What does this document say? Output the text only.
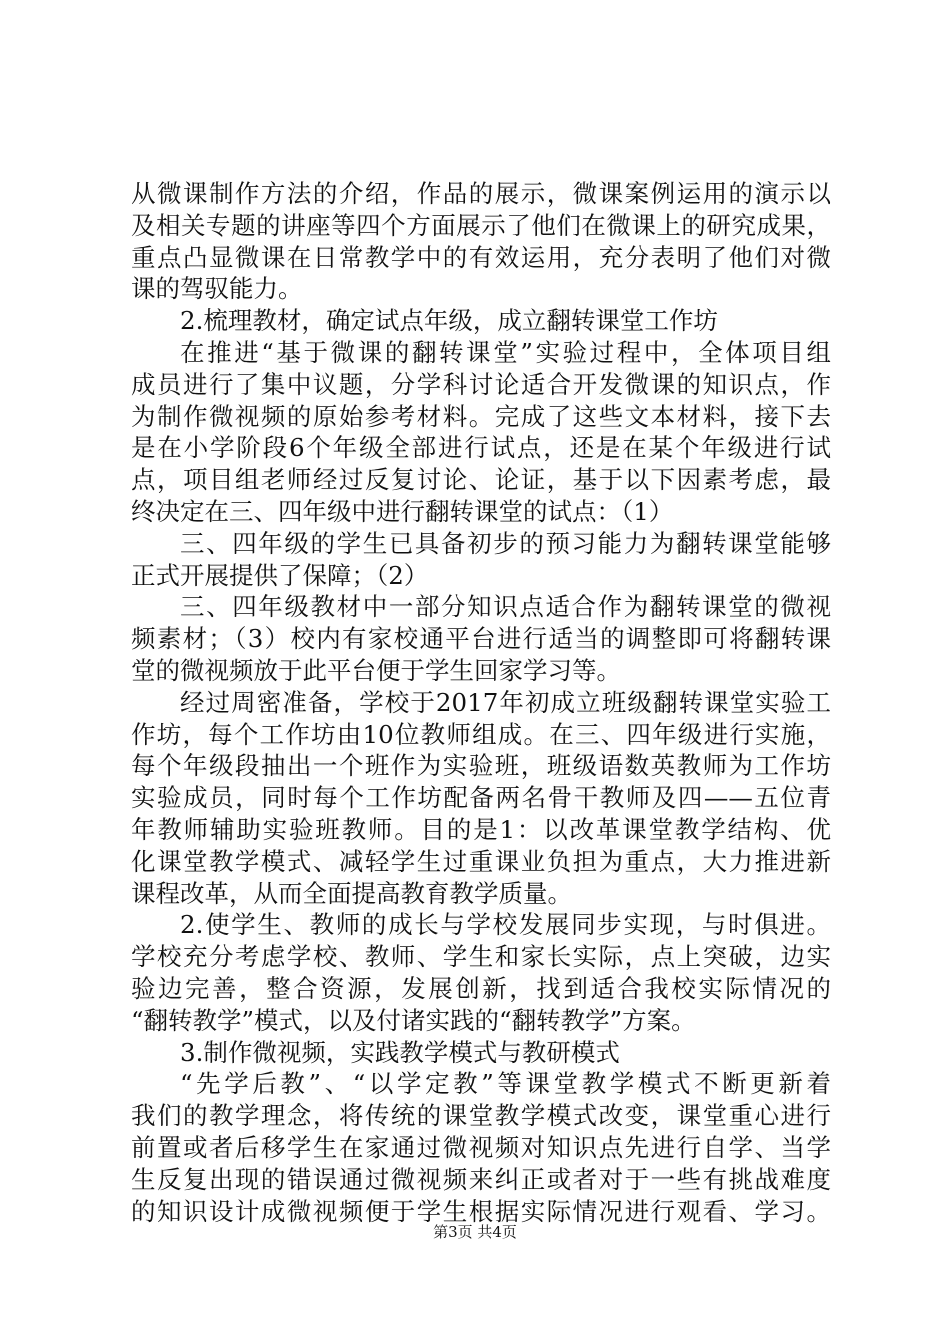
从微课制作方法的介绍，作品的展示，微课案例运用的演示以
及相关专题的讲座等四个方面展示了他们在微课上的研究成果，
重点凸显微课在日常教学中的有效运用，充分表明了他们对微
课的驾驭能力。
2.梳理教材，确定试点年级，成立翻转课堂工作坊
在推进“基于微课的翻转课堂”实验过程中，全体项目组
成员进行了集中议题，分学科讨论适合开发微课的知识点，作
为制作微视频的原始参考材料。完成了这些文本材料，接下去
是在小学阶段6个年级全部进行试点，还是在某个年级进行试
点，项目组老师经过反复讨论、论证，基于以下因素考虑，最
终决定在三、四年级中进行翻转课堂的试点：（1）
三、四年级的学生已具备初步的预习能力为翻转课堂能够
正式开展提供了保障；（2）
三、四年级教材中一部分知识点适合作为翻转课堂的微视
频素材；（3）校内有家校通平台进行适当的调整即可将翻转课
堂的微视频放于此平台便于学生回家学习等。
经过周密准备，学校于2017年初成立班级翻转课堂实验工
作坊，每个工作坊由10位教师组成。在三、四年级进行实施，
每个年级段抽出一个班作为实验班，班级语数英教师为工作坊
实验成员，同时每个工作坊配备两名骨干教师及四——五位青
年教师辅助实验班教师。目的是1：以改革课堂教学结构、优
化课堂教学模式、减轻学生过重课业负担为重点，大力推进新
课程改革，从而全面提高教育教学质量。
2.使学生、教师的成长与学校发展同步实现，与时俱进。
学校充分考虑学校、教师、学生和家长实际，点上突破，边实
验边完善，整合资源，发展创新，找到适合我校实际情况的
“翻转教学”模式，以及付诸实践的“翻转教学”方案。
3.制作微视频，实践教学模式与教研模式
“先学后教”、“以学定教”等课堂教学模式不断更新着
我们的教学理念，将传统的课堂教学模式改变，课堂重心进行
前置或者后移学生在家通过微视频对知识点先进行自学、当学
生反复出现的错误通过微视频来纠正或者对于一些有挑战难度
的知识设计成微视频便于学生根据实际情况进行观看、学习。
第3页 共4页
